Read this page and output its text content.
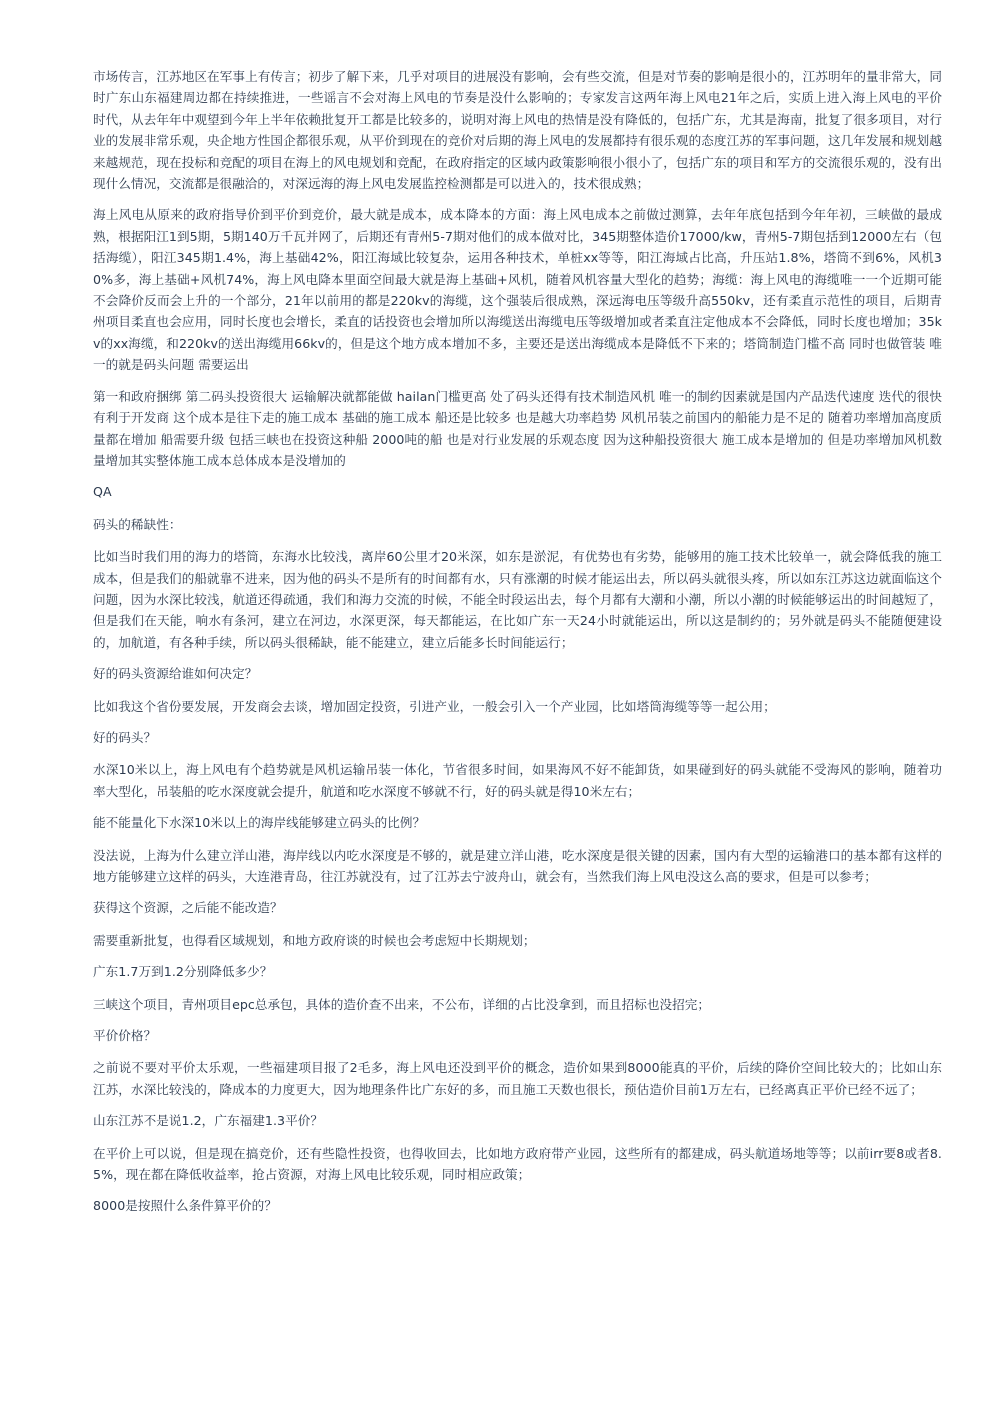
市场传言，江苏地区在军事上有传言；初步了解下来，几乎对项目的进展没有影响，会有些交流，但是对节奏的影响是很小的，江苏明年的量非常大，同时广东山东福建周边都在持续推进，一些谣言不会对海上风电的节奏是没什么影响的；专家发言这两年海上风电21年之后，实质上进入海上风电的平价时代，从去年年中观望到今年上半年依赖批复开工都是比较多的，说明对海上风电的热情是没有降低的，包括广东，尤其是海南，批复了很多项目，对行业的发展非常乐观，央企地方性国企都很乐观，从平价到现在的竞价对后期的海上风电的发展都持有很乐观的态度江苏的军事问题，这几年发展和规划越来越规范，现在投标和竞配的项目在海上的风电规划和竞配，在政府指定的区域内政策影响很小很小了，包括广东的项目和军方的交流很乐观的，没有出现什么情况，交流都是很融洽的，对深远海的海上风电发展监控检测都是可以进入的，技术很成熟；

海上风电从原来的政府指导价到平价到竞价，最大就是成本，成本降本的方面：海上风电成本之前做过测算，去年年底包括到今年年初，三峡做的最成熟，根据阳江1到5期，5期140万千瓦并网了，后期还有青州5-7期对他们的成本做对比，345期整体造价17000/kw，青州5-7期包括到12000左右（包括海缆），阳江345期1.4%，海上基础42%，阳江海域比较复杂，运用各种技术，单桩xx等等，阳江海域占比高，升压站1.8%，塔筒不到6%，风机30%多，海上基础+风机74%，海上风电降本里面空间最大就是海上基础+风机，随着风机容量大型化的趋势；海缆：海上风电的海缆唯一一个近期可能不会降价反而会上升的一个部分，21年以前用的都是220kv的海缆，这个强装后很成熟，深远海电压等级升高550kv，还有柔直示范性的项目，后期青州项目柔直也会应用，同时长度也会增长，柔直的话投资也会增加所以海缆送出海缆电压等级增加或者柔直注定他成本不会降低，同时长度也增加；35kv的xx海缆，和220kv的送出海缆用66kv的，但是这个地方成本增加不多，主要还是送出海缆成本是降低不下来的；塔筒制造门槛不高 同时也做管装 唯一的就是码头问题 需要运出

第一和政府捆绑 第二码头投资很大 运输解决就都能做 hailan门槛更高 处了码头还得有技术制造风机 唯一的制约因素就是国内产品迭代速度 迭代的很快 有利于开发商 这个成本是往下走的施工成本 基础的施工成本 船还是比较多 也是越大功率趋势 风机吊装之前国内的船能力是不足的 随着功率增加高度质量都在增加 船需要升级 包括三峡也在投资这种船 2000吨的船 也是对行业发展的乐观态度 因为这种船投资很大 施工成本是增加的 但是功率增加风机数量增加其实整体施工成本总体成本是没增加的

QA

码头的稀缺性：

比如当时我们用的海力的塔筒，东海水比较浅，离岸60公里才20米深，如东是淤泥，有优势也有劣势，能够用的施工技术比较单一，就会降低我的施工成本，但是我们的船就靠不进来，因为他的码头不是所有的时间都有水，只有涨潮的时候才能运出去，所以码头就很头疼，所以如东江苏这边就面临这个问题，因为水深比较浅，航道还得疏通，我们和海力交流的时候，不能全时段运出去，每个月都有大潮和小潮，所以小潮的时候能够运出的时间越短了，但是我们在天能，响水有条河，建立在河边，水深更深，每天都能运，在比如广东一天24小时就能运出，所以这是制约的；另外就是码头不能随便建设的，加航道，有各种手续，所以码头很稀缺，能不能建立，建立后能多长时间能运行；

好的码头资源给谁如何决定？

比如我这个省份要发展，开发商会去谈，增加固定投资，引进产业，一般会引入一个产业园，比如塔筒海缆等等一起公用；

好的码头？

水深10米以上，海上风电有个趋势就是风机运输吊装一体化，节省很多时间，如果海风不好不能卸货，如果碰到好的码头就能不受海风的影响，随着功率大型化，吊装船的吃水深度就会提升，航道和吃水深度不够就不行，好的码头就是得10米左右；

能不能量化下水深10米以上的海岸线能够建立码头的比例？

没法说，上海为什么建立洋山港，海岸线以内吃水深度是不够的，就是建立洋山港，吃水深度是很关键的因素，国内有大型的运输港口的基本都有这样的地方能够建立这样的码头，大连港青岛，往江苏就没有，过了江苏去宁波舟山，就会有，当然我们海上风电没这么高的要求，但是可以参考；

获得这个资源，之后能不能改造？

需要重新批复，也得看区域规划，和地方政府谈的时候也会考虑短中长期规划；

广东1.7万到1.2分别降低多少？

三峡这个项目，青州项目epc总承包，具体的造价查不出来，不公布，详细的占比没拿到，而且招标也没招完；

平价价格？

之前说不要对平价太乐观，一些福建项目报了2毛多，海上风电还没到平价的概念，造价如果到8000能真的平价，后续的降价空间比较大的；比如山东江苏，水深比较浅的，降成本的力度更大，因为地理条件比广东好的多，而且施工天数也很长，预估造价目前1万左右，已经离真正平价已经不远了；

山东江苏不是说1.2，广东福建1.3平价？

在平价上可以说，但是现在搞竞价，还有些隐性投资，也得收回去，比如地方政府带产业园，这些所有的都建成，码头航道场地等等；以前irr要8或者8.5%，现在都在降低收益率，抢占资源，对海上风电比较乐观，同时相应政策；

8000是按照什么条件算平价的？
